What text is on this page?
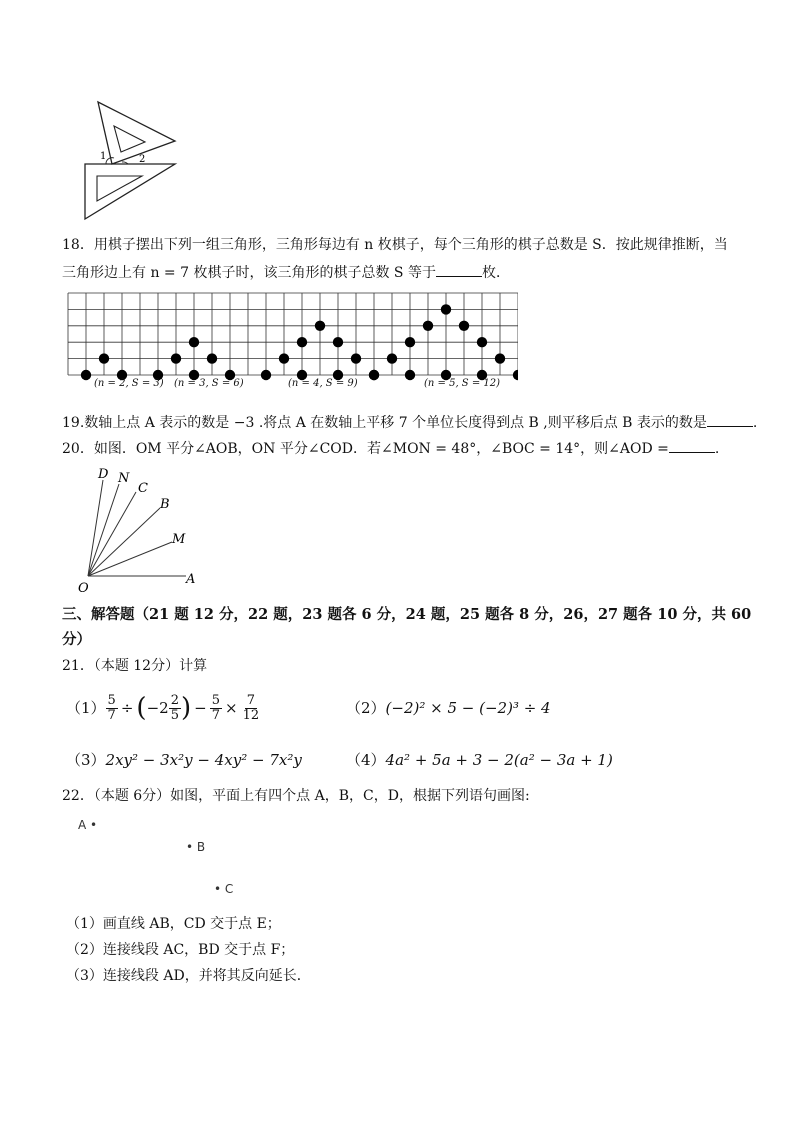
1	2
18．用棋子摆出下列一组三角形，三角形每边有 n 枚棋子，每个三角形的棋子总数是 S．按此规律推断，当
三角形边上有 n = 7 枚棋子时，该三角形的棋子总数 S 等于	枚．
(n = 2, S = 3) (n = 3, S = 6)	(n = 4, S = 9)	(n = 5, S = 12)
19.数轴上点 A 表示的数是 −3 .将点 A 在数轴上平移 7 个单位长度得到点 B ,则平移后点 B 表示的数是	.
20．如图．OM 平分∠AOB，ON 平分∠COD．若∠MON = 48°，∠BOC = 14°，则∠AOD =	.
D N
C
B
M
A
O
三、解答题（21 题 12 分，22 题，23 题各 6 分，24 题，25 题各 8 分，26，27 题各 10 分，共 60
分）
21．（本题 12分）计算
$(1) \frac{5}{7}$ ÷ ( $-2 \frac{2}{5}$ ) − $\frac{5}{7} \times \frac{7}{12}$	（2）(−2)² × 5 − (−2)³ ÷ 4
（3）2xy² − 3x²y − 4xy² − 7x²y	（4）4a² + 5a + 3 − 2(a² − 3a + 1)
22．（本题 6分）如图，平面上有四个点 A，B，C，D，根据下列语句画图:
A •
• B
• C
（1）画直线 AB，CD 交于点 E；
（2）连接线段 AC，BD 交于点 F；
（3）连接线段 AD，并将其反向延长．
